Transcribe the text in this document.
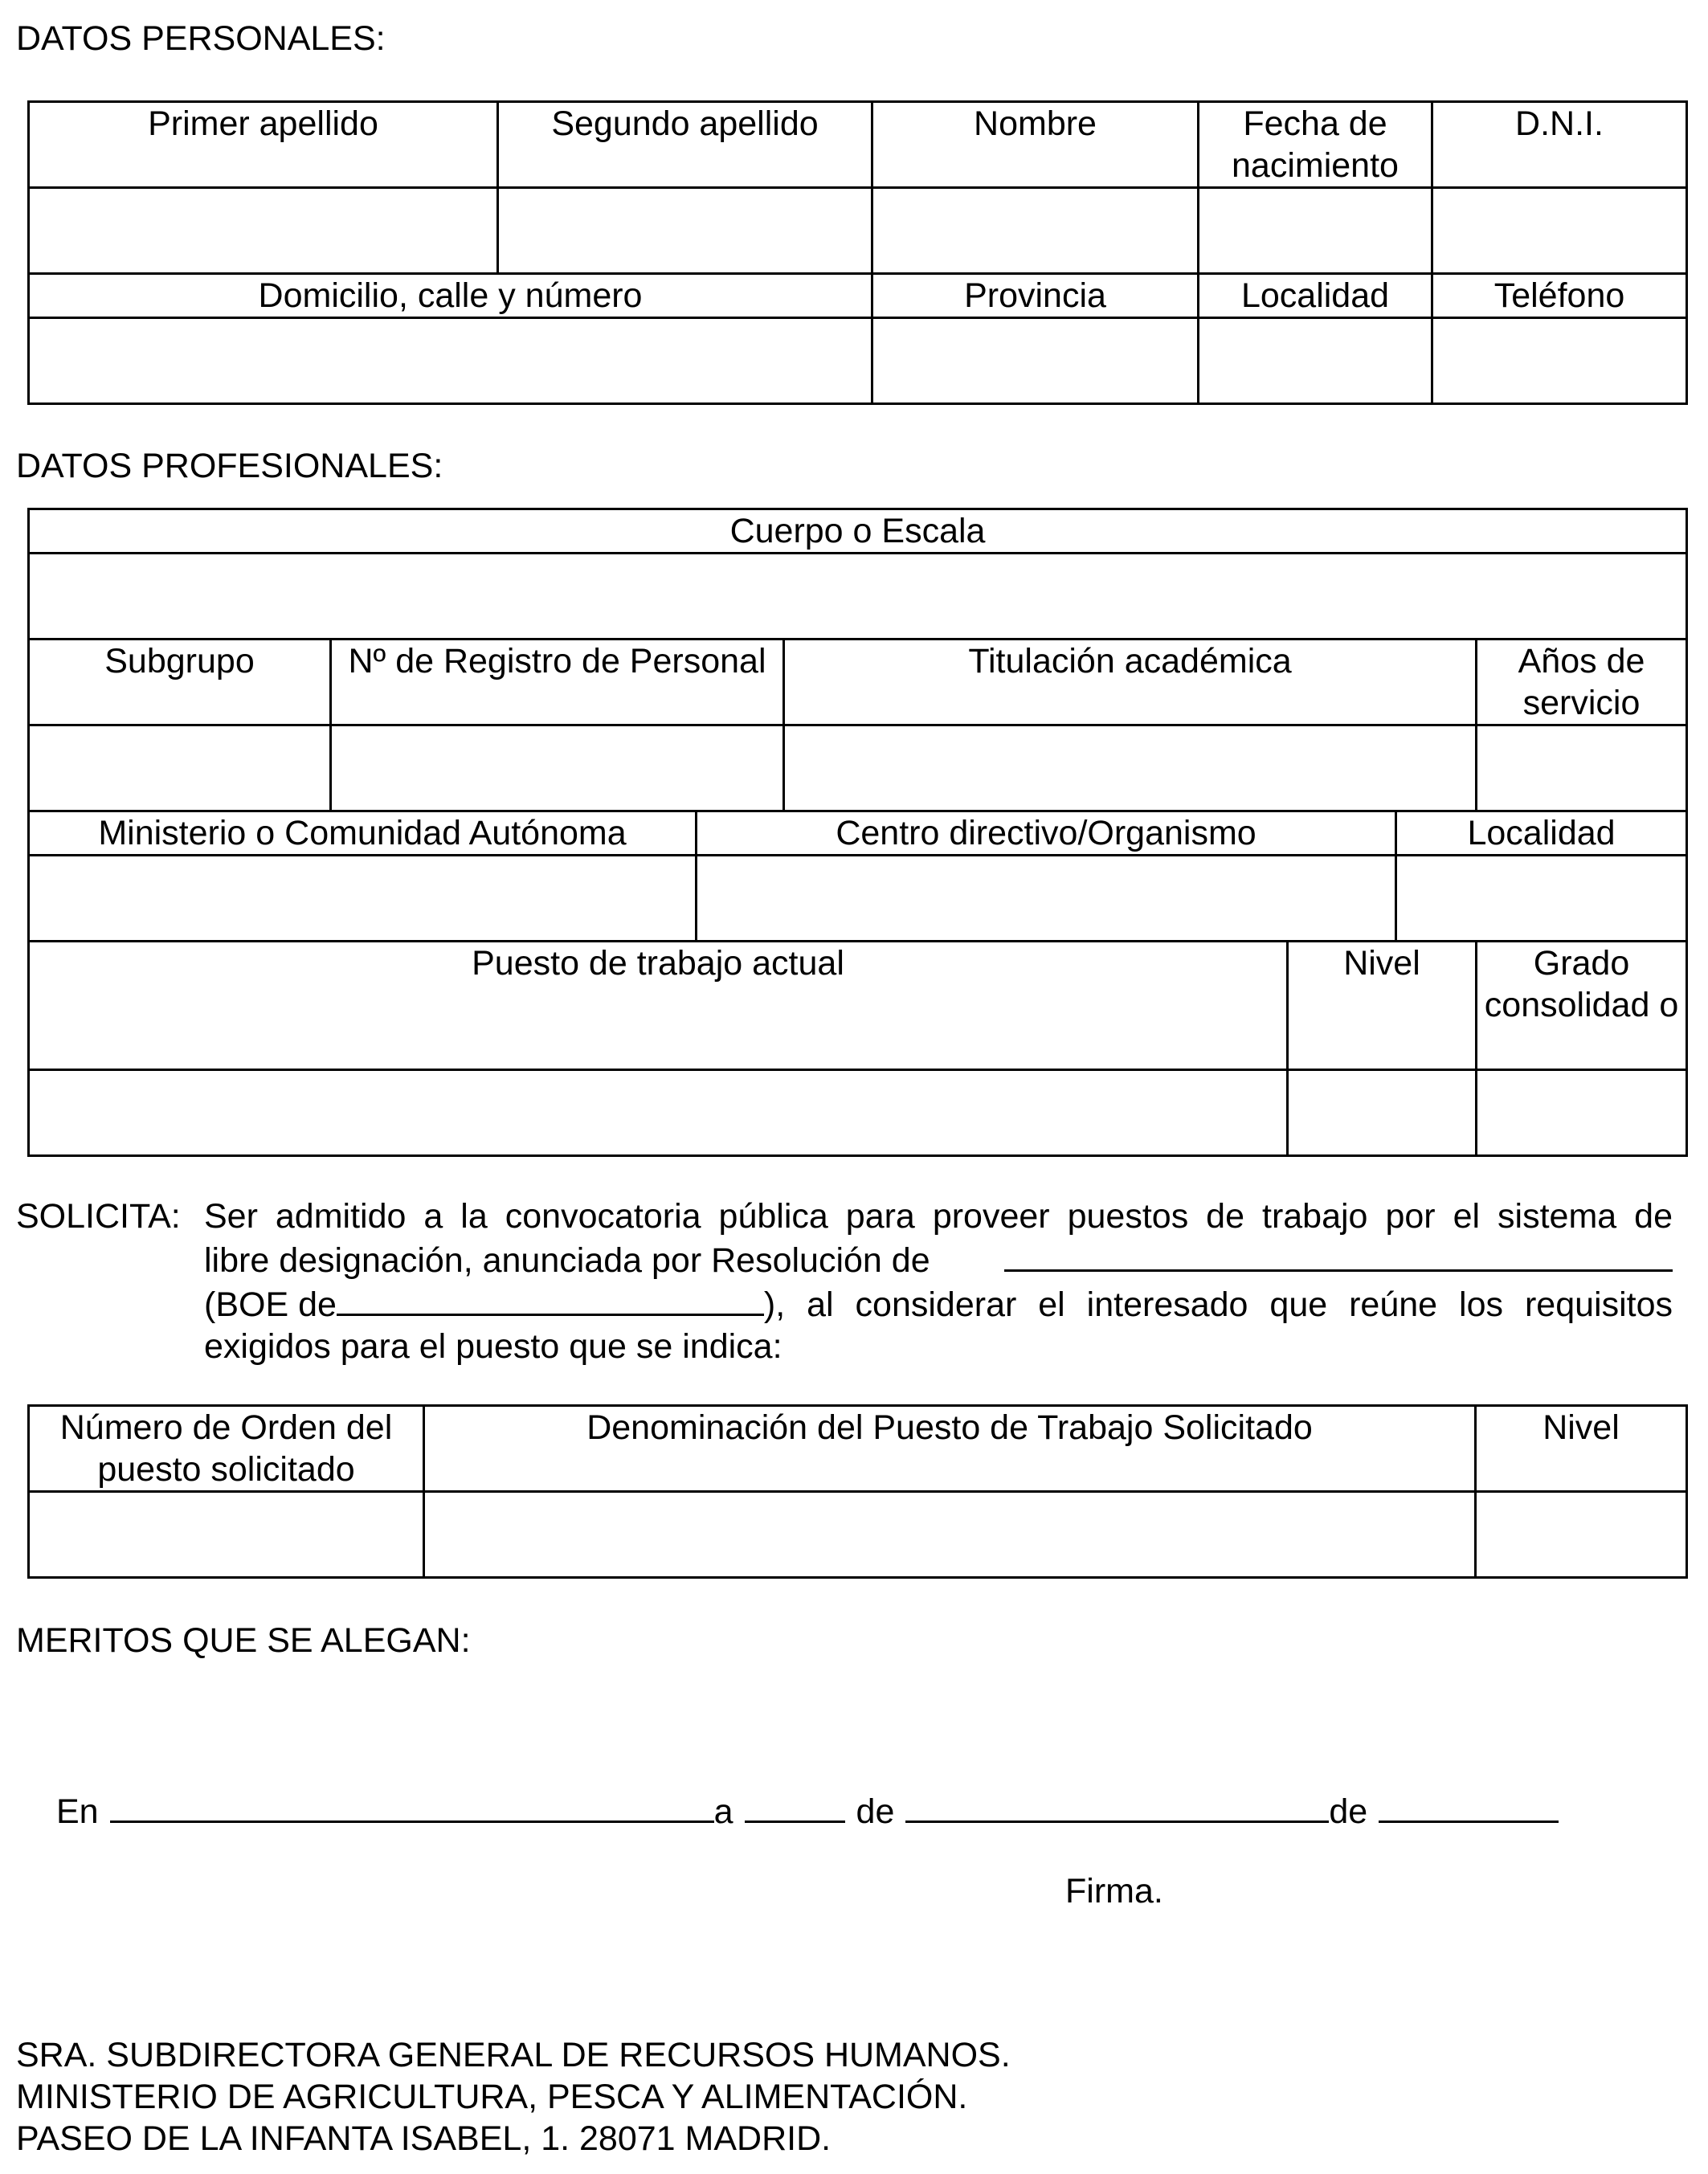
DATOS PERSONALES:
Primer apellido	Segundo apellido	Nombre	Fecha de nacimiento	D.N.I.

Domicilio, calle y número		Provincia	Localidad	Teléfono

DATOS PROFESIONALES:
Cuerpo o Escala						

Subgrupo	Nº de Registro de Personal		Titulación académica			Años de servicio

Ministerio o Comunidad Autónoma		Centro directivo/Organismo			Localidad	

Puesto de trabajo actual				Nivel		Grado consolidad o

SOLICITA: Ser admitido a la convocatoria pública para proveer puestos de trabajo por el sistema de
libre designación, anunciada por Resolución de
(BOE de	), al considerar el interesado que reúne los requisitos
exigidos para el puesto que se indica:
Número de Orden del puesto solicitado	Denominación del Puesto de Trabajo Solicitado	Nivel

MERITOS QUE SE ALEGAN:
En	a	de	de
Firma.
SRA. SUBDIRECTORA GENERAL DE RECURSOS HUMANOS.
MINISTERIO DE AGRICULTURA, PESCA Y ALIMENTACIÓN.
PASEO DE LA INFANTA ISABEL, 1. 28071 MADRID.
